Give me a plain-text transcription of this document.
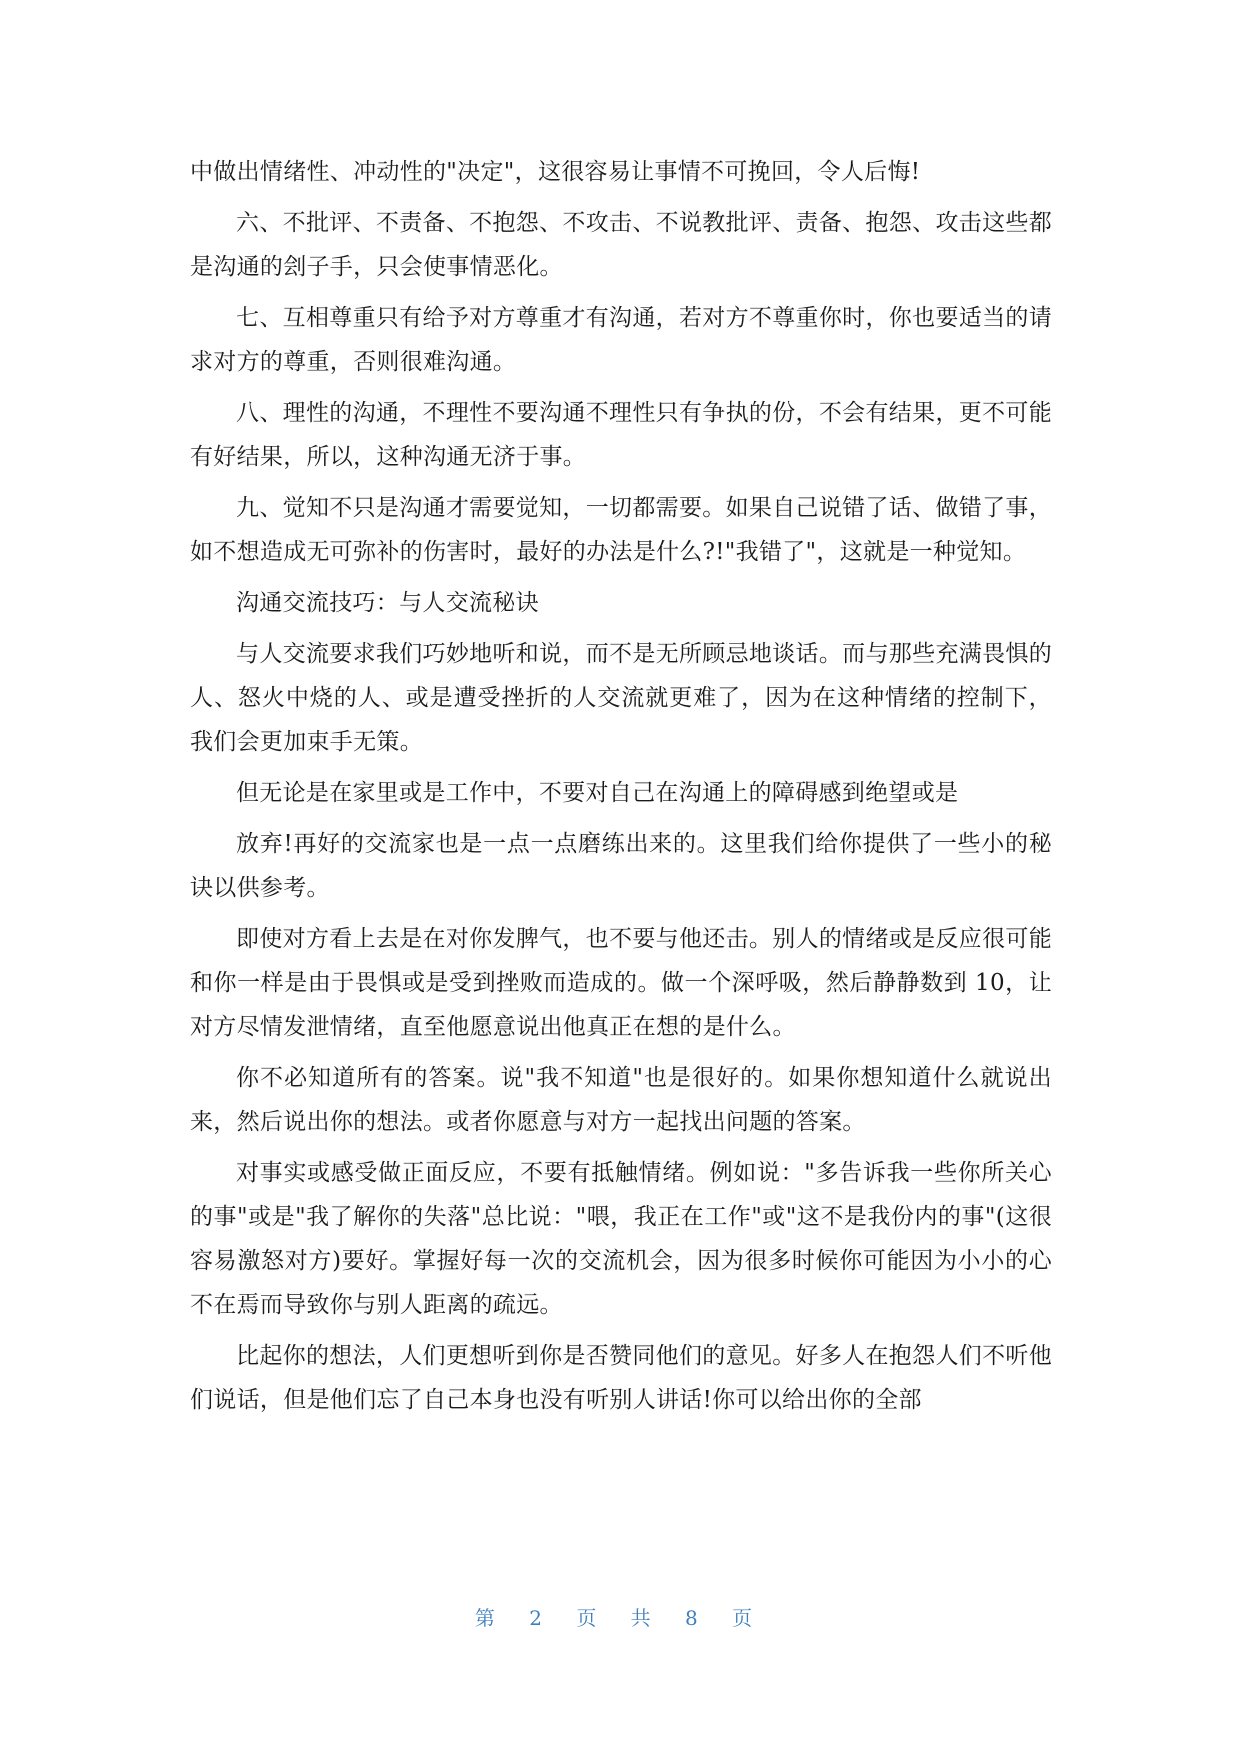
中做出情绪性、冲动性的"决定"，这很容易让事情不可挽回，令人后悔!

六、不批评、不责备、不抱怨、不攻击、不说教批评、责备、抱怨、攻击这些都是沟通的刽子手，只会使事情恶化。

七、互相尊重只有给予对方尊重才有沟通，若对方不尊重你时，你也要适当的请求对方的尊重，否则很难沟通。

八、理性的沟通，不理性不要沟通不理性只有争执的份，不会有结果，更不可能有好结果，所以，这种沟通无济于事。

九、觉知不只是沟通才需要觉知，一切都需要。如果自己说错了话、做错了事，如不想造成无可弥补的伤害时，最好的办法是什么?!"我错了"，这就是一种觉知。

沟通交流技巧：与人交流秘诀

与人交流要求我们巧妙地听和说，而不是无所顾忌地谈话。而与那些充满畏惧的人、怒火中烧的人、或是遭受挫折的人交流就更难了，因为在这种情绪的控制下，我们会更加束手无策。

但无论是在家里或是工作中，不要对自己在沟通上的障碍感到绝望或是

放弃!再好的交流家也是一点一点磨练出来的。这里我们给你提供了一些小的秘诀以供参考。

即使对方看上去是在对你发脾气，也不要与他还击。别人的情绪或是反应很可能和你一样是由于畏惧或是受到挫败而造成的。做一个深呼吸，然后静静数到 10，让对方尽情发泄情绪，直至他愿意说出他真正在想的是什么。

你不必知道所有的答案。说"我不知道"也是很好的。如果你想知道什么就说出来，然后说出你的想法。或者你愿意与对方一起找出问题的答案。

对事实或感受做正面反应，不要有抵触情绪。例如说："多告诉我一些你所关心的事"或是"我了解你的失落"总比说："喂，我正在工作"或"这不是我份内的事"(这很容易激怒对方)要好。掌握好每一次的交流机会，因为很多时候你可能因为小小的心不在焉而导致你与别人距离的疏远。

比起你的想法，人们更想听到你是否赞同他们的意见。好多人在抱怨人们不听他们说话，但是他们忘了自己本身也没有听别人讲话!你可以给出你的全部

第 2 页 共 8 页
